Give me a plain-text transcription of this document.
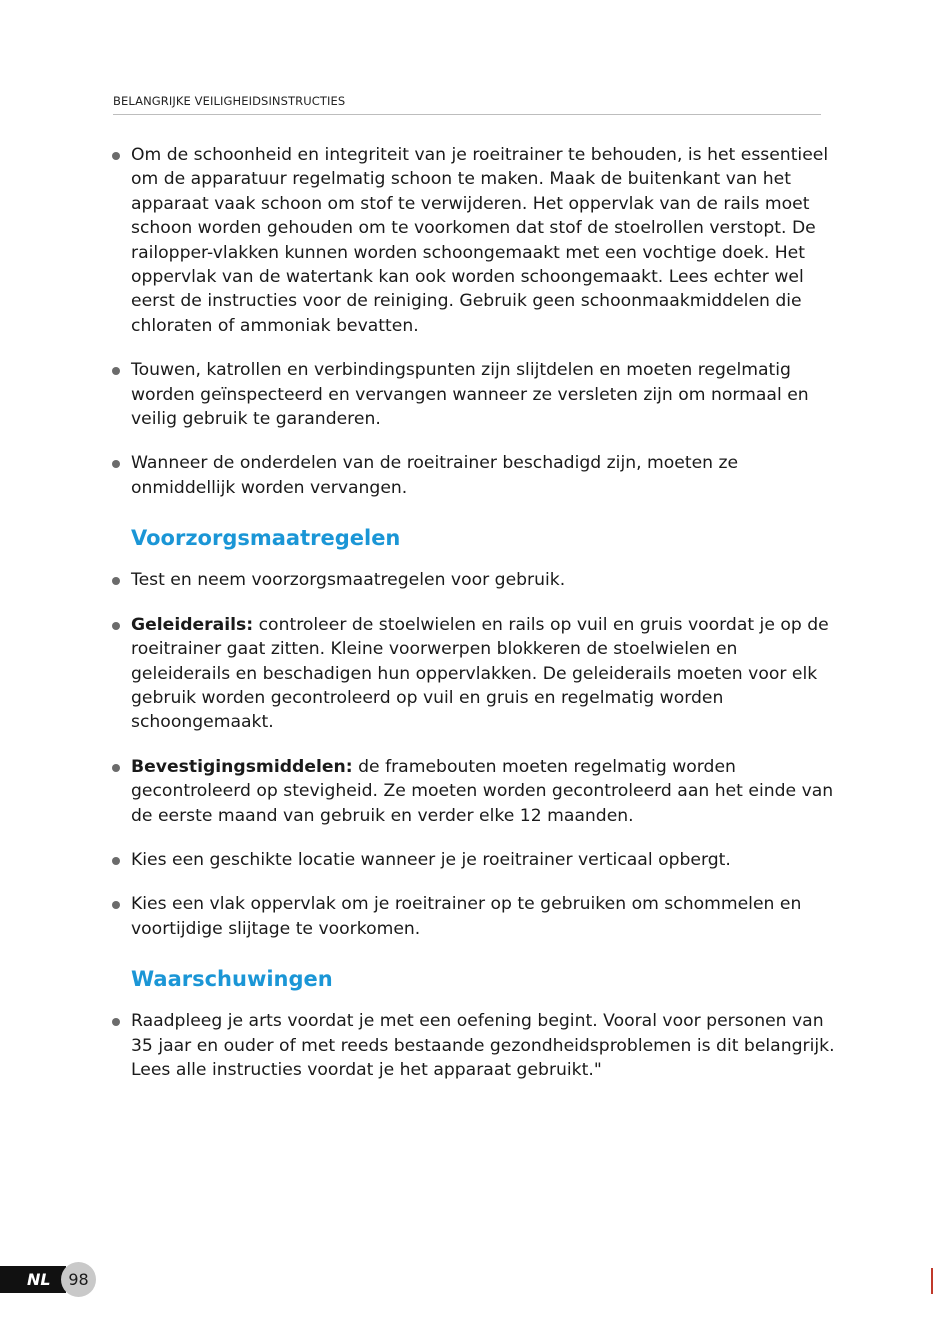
BELANGRIJKE VEILIGHEIDSINSTRUCTIES

Om de schoonheid en integriteit van je roeitrainer te behouden, is het essentieel om de apparatuur regelmatig schoon te maken. Maak de buitenkant van het apparaat vaak schoon om stof te verwijderen. Het oppervlak van de rails moet schoon worden gehouden om te voorkomen dat stof de stoelrollen verstopt. De railopper-vlakken kunnen worden schoongemaakt met een vochtige doek. Het oppervlak van de watertank kan ook worden schoongemaakt. Lees echter wel eerst de instructies voor de reiniging. Gebruik geen schoonmaakmiddelen die chloraten of ammoniak bevatten.

Touwen, katrollen en verbindingspunten zijn slijtdelen en moeten regelmatig worden geïnspecteerd en vervangen wanneer ze versleten zijn om normaal en veilig gebruik te garanderen.

Wanneer de onderdelen van de roeitrainer beschadigd zijn, moeten ze onmiddellijk worden vervangen.

Voorzorgsmaatregelen

Test en neem voorzorgsmaatregelen voor gebruik.

Geleiderails: controleer de stoelwielen en rails op vuil en gruis voordat je op de roeitrainer gaat zitten. Kleine voorwerpen blokkeren de stoelwielen en geleiderails en beschadigen hun oppervlakken. De geleiderails moeten voor elk gebruik worden gecontroleerd op vuil en gruis en regelmatig worden schoongemaakt.

Bevestigingsmiddelen: de framebouten moeten regelmatig worden gecontroleerd op stevigheid. Ze moeten worden gecontroleerd aan het einde van de eerste maand van gebruik en verder elke 12 maanden.

Kies een geschikte locatie wanneer je je roeitrainer verticaal opbergt.

Kies een vlak oppervlak om je roeitrainer op te gebruiken om schommelen en voortijdige slijtage te voorkomen.

Waarschuwingen

Raadpleeg je arts voordat je met een oefening begint. Vooral voor personen van 35 jaar en ouder of met reeds bestaande gezondheidsproblemen is dit belangrijk. Lees alle instructies voordat je het apparaat gebruikt."

NL 98
